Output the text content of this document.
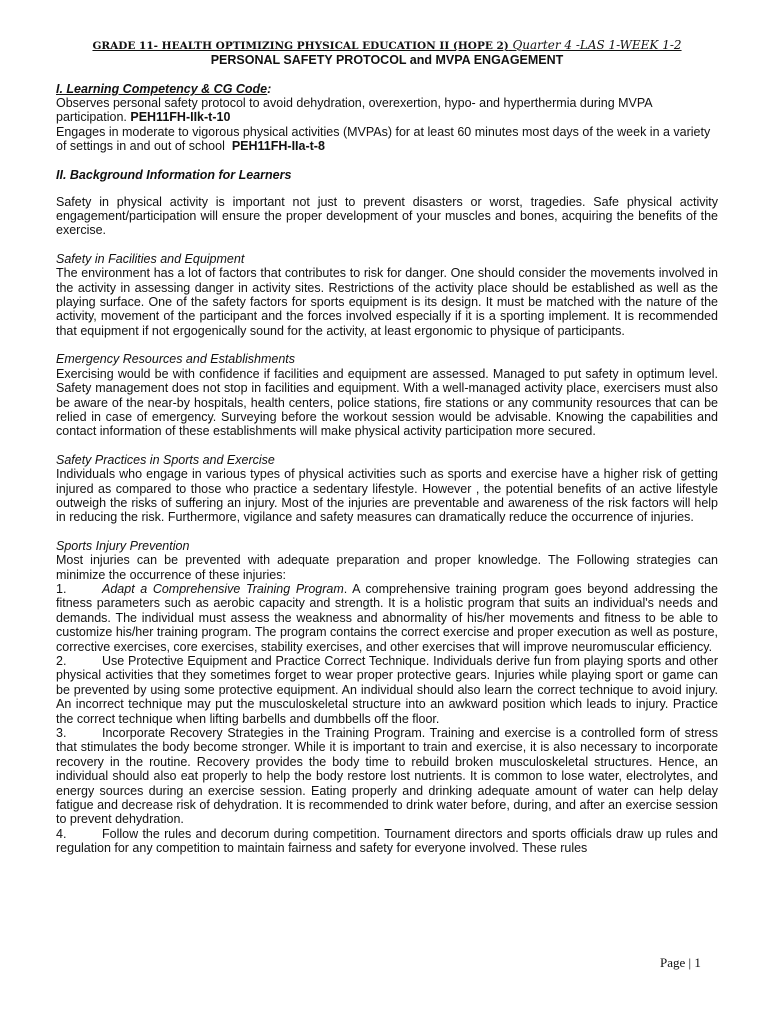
GRADE 11- HEALTH OPTIMIZING PHYSICAL EDUCATION II (HOPE 2) Quarter 4 -LAS 1-WEEK 1-2
PERSONAL SAFETY PROTOCOL and MVPA ENGAGEMENT
I. Learning Competency & CG Code:

Observes personal safety protocol to avoid dehydration, overexertion, hypo- and hyperthermia during MVPA participation. PEH11FH-IIk-t-10

Engages in moderate to vigorous physical activities (MVPAs) for at least 60 minutes most days of the week in a variety of settings in and out of school PEH11FH-IIa-t-8

II. Background Information for Learners

Safety in physical activity is important not just to prevent disasters or worst, tragedies. Safe physical activity engagement/participation will ensure the proper development of your muscles and bones, acquiring the benefits of the exercise.

Safety in Facilities and Equipment

The environment has a lot of factors that contributes to risk for danger. One should consider the movements involved in the activity in assessing danger in activity sites. Restrictions of the activity place should be established as well as the playing surface. One of the safety factors for sports equipment is its design. It must be matched with the nature of the activity, movement of the participant and the forces involved especially if it is a sporting implement. It is recommended that equipment if not ergogenically sound for the activity, at least ergonomic to physique of participants.

Emergency Resources and Establishments

Exercising would be with confidence if facilities and equipment are assessed. Managed to put safety in optimum level. Safety management does not stop in facilities and equipment. With a well-managed activity place, exercisers must also be aware of the near-by hospitals, health centers, police stations, fire stations or any community resources that can be relied in case of emergency. Surveying before the workout session would be advisable. Knowing the capabilities and contact information of these establishments will make physical activity participation more secured.

Safety Practices in Sports and Exercise

Individuals who engage in various types of physical activities such as sports and exercise have a higher risk of getting injured as compared to those who practice a sedentary lifestyle. However , the potential benefits of an active lifestyle outweigh the risks of suffering an injury. Most of the injuries are preventable and awareness of the risk factors will help in reducing the risk. Furthermore, vigilance and safety measures can dramatically reduce the occurrence of injuries.

Sports Injury Prevention

Most injuries can be prevented with adequate preparation and proper knowledge. The Following strategies can minimize the occurrence of these injuries:

1.	Adapt a Comprehensive Training Program. A comprehensive training program goes beyond addressing the fitness parameters such as aerobic capacity and strength. It is a holistic program that suits an individual's needs and demands. The individual must assess the weakness and abnormality of his/her movements and fitness to be able to customize his/her training program. The program contains the correct exercise and proper execution as well as posture, corrective exercises, core exercises, stability exercises, and other exercises that will improve neuromuscular efficiency.
2.	Use Protective Equipment and Practice Correct Technique. Individuals derive fun from playing sports and other physical activities that they sometimes forget to wear proper protective gears. Injuries while playing sport or game can be prevented by using some protective equipment. An individual should also learn the correct technique to avoid injury. An incorrect technique may put the musculoskeletal structure into an awkward position which leads to injury. Practice the correct technique when lifting barbells and dumbbells off the floor.
3.	Incorporate Recovery Strategies in the Training Program. Training and exercise is a controlled form of stress that stimulates the body become stronger. While it is important to train and exercise, it is also necessary to incorporate recovery in the routine. Recovery provides the body time to rebuild broken musculoskeletal structures. Hence, an individual should also eat properly to help the body restore lost nutrients. It is common to lose water, electrolytes, and energy sources during an exercise session. Eating properly and drinking adequate amount of water can help delay fatigue and decrease risk of dehydration. It is recommended to drink water before, during, and after an exercise session to prevent dehydration.
4.	Follow the rules and decorum during competition. Tournament directors and sports officials draw up rules and regulation for any competition to maintain fairness and safety for everyone involved. These rules
Page | 1
